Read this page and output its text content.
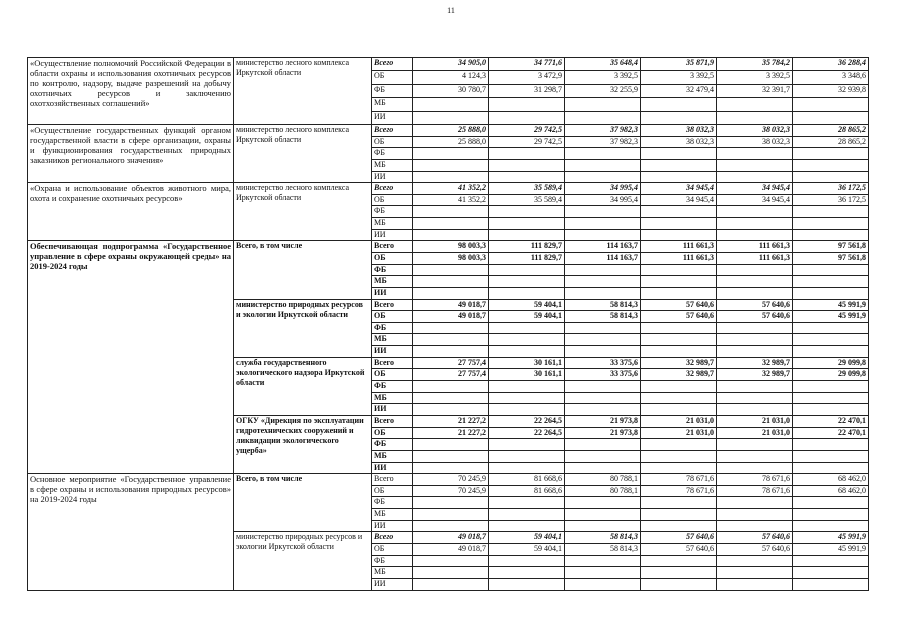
11
«Осуществление полномочий Российской Федерации в области охраны и использования охотничьих ресурсов по контролю, надзору, выдаче разрешений на добычу охотничьих ресурсов и заключению охотхозяйственных соглашений»	министерство лесного комплекса Иркутской области	Всего	34 905,0	34 771,6	35 648,4	35 871,9	35 784,2	36 288,4
		ОБ	4 124,3	3 472,9	3 392,5	3 392,5	3 392,5	3 348,6
		ФБ	30 780,7	31 298,7	32 255,9	32 479,4	32 391,7	32 939,8
		МБ						
		ИИ						
«Осуществление государственных функций органом государственной власти в сфере организации, охраны и функционирования государственных природных заказников регионального значения»	министерство лесного комплекса Иркутской области	Всего	25 888,0	29 742,5	37 982,3	38 032,3	38 032,3	28 865,2
		ОБ	25 888,0	29 742,5	37 982,3	38 032,3	38 032,3	28 865,2
		ФБ						
		МБ						
		ИИ						
«Охрана и использование объектов животного мира, охота и сохранение охотничьих ресурсов»	министерство лесного комплекса Иркутской области	Всего	41 352,2	35 589,4	34 995,4	34 945,4	34 945,4	36 172,5
		ОБ	41 352,2	35 589,4	34 995,4	34 945,4	34 945,4	36 172,5
		ФБ						
		МБ						
		ИИ						
Обеспечивающая подпрограмма «Государственное управление в сфере охраны окружающей среды» на 2019-2024 годы	Всего, в том числе	Всего	98 003,3	111 829,7	114 163,7	111 661,3	111 661,3	97 561,8
		ОБ	98 003,3	111 829,7	114 163,7	111 661,3	111 661,3	97 561,8
		ФБ						
		МБ						
		ИИ						
	министерство природных ресурсов и экологии Иркутской области	Всего	49 018,7	59 404,1	58 814,3	57 640,6	57 640,6	45 991,9
		ОБ	49 018,7	59 404,1	58 814,3	57 640,6	57 640,6	45 991,9
		ФБ						
		МБ						
		ИИ						
	служба государственного экологического надзора Иркутской области	Всего	27 757,4	30 161,1	33 375,6	32 989,7	32 989,7	29 099,8
		ОБ	27 757,4	30 161,1	33 375,6	32 989,7	32 989,7	29 099,8
		ФБ						
		МБ						
		ИИ						
	ОГКУ «Дирекция по эксплуатации гидротехнических сооружений и ликвидации экологического ущерба»	Всего	21 227,2	22 264,5	21 973,8	21 031,0	21 031,0	22 470,1
		ОБ	21 227,2	22 264,5	21 973,8	21 031,0	21 031,0	22 470,1
		ФБ						
		МБ						
		ИИ						
Основное мероприятие «Государственное управление в сфере охраны и использования природных ресурсов» на 2019-2024 годы	Всего, в том числе	Всего	70 245,9	81 668,6	80 788,1	78 671,6	78 671,6	68 462,0
		ОБ	70 245,9	81 668,6	80 788,1	78 671,6	78 671,6	68 462,0
		ФБ						
		МБ						
		ИИ						
	министерство природных ресурсов и экологии Иркутской области	Всего	49 018,7	59 404,1	58 814,3	57 640,6	57 640,6	45 991,9
		ОБ	49 018,7	59 404,1	58 814,3	57 640,6	57 640,6	45 991,9
		ФБ						
		МБ						
		ИИ						
